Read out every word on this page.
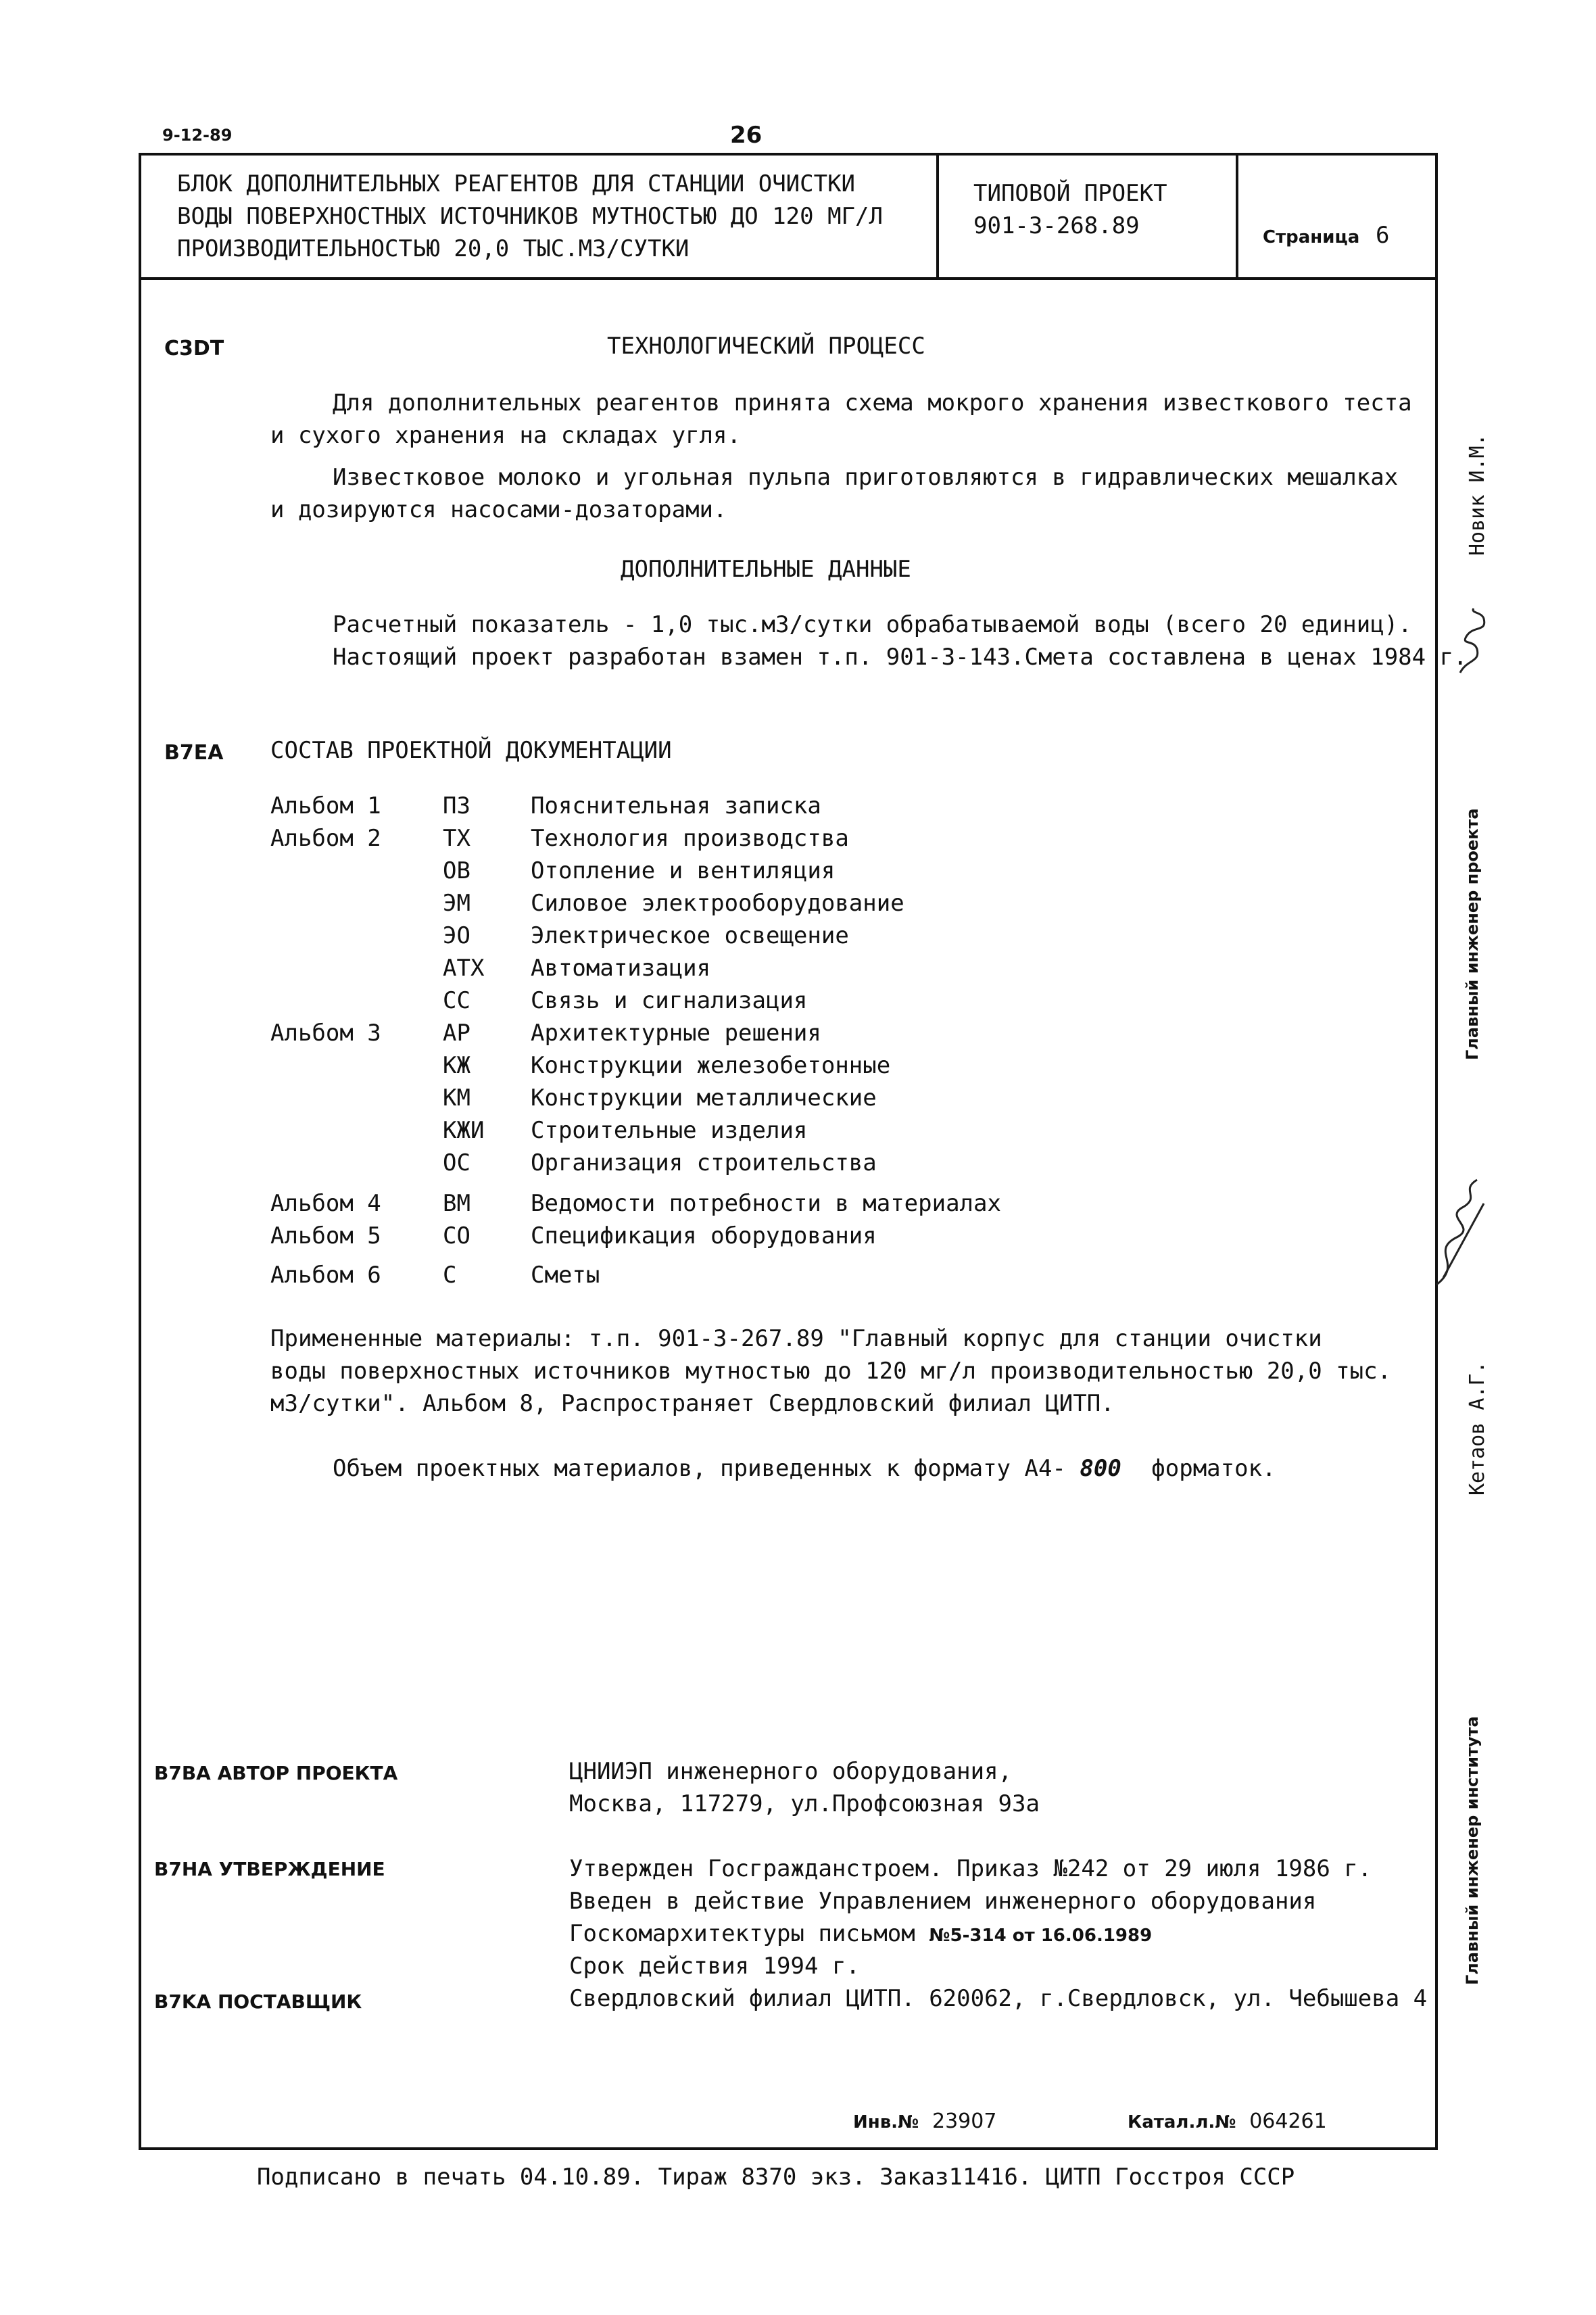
9-12-89	26
БЛОК ДОПОЛНИТЕЛЬНЫХ РЕАГЕНТОВ ДЛЯ СТАНЦИИ ОЧИСТКИ
ВОДЫ ПОВЕРХНОСТНЫХ ИСТОЧНИКОВ МУТНОСТЬЮ ДО 120 МГ/Л
ПРОИЗВОДИТЕЛЬНОСТЬЮ 20,0 ТЫС.М3/СУТКИ
ТИПОВОЙ ПРОЕКТ
901-3-268.89	Страница 6
C3DT	ТЕХНОЛОГИЧЕСКИЙ ПРОЦЕСС
Для дополнительных реагентов принята схема мокрого хранения известкового теста
и сухого хранения на складах угля.
Известковое молоко и угольная пульпа приготовляются в гидравлических мешалках
и дозируются насосами-дозаторами.
ДОПОЛНИТЕЛЬНЫЕ ДАННЫЕ
Расчетный показатель - 1,0 тыс.м3/сутки обрабатываемой воды (всего 20 единиц).
Настоящий проект разработан взамен т.п. 901-3-143.Смета составлена в ценах 1984 г.
B7EA СОСТАВ ПРОЕКТНОЙ ДОКУМЕНТАЦИИ
Альбом 1	ПЗ	Пояснительная записка
Альбом 2	ТХ	Технология производства
ОВ	Отопление и вентиляция
ЭМ	Силовое электрооборудование
ЭО	Электрическое освещение
АТХ	Автоматизация
СС	Связь и сигнализация
Альбом 3	АР	Архитектурные решения
КЖ	Конструкции железобетонные
КМ	Конструкции металлические
КЖИ	Строительные изделия
ОС	Организация строительства
Альбом 4	ВМ	Ведомости потребности в материалах
Альбом 5	СО	Спецификация оборудования
Альбом 6	С	Сметы
Примененные материалы: т.п. 901-3-267.89 "Главный корпус для станции очистки
воды поверхностных источников мутностью до 120 мг/л производительностью 20,0 тыс.
м3/сутки". Альбом 8, Распространяет Свердловский филиал ЦИТП.
Объем проектных материалов, приведенных к формату А4- 800 форматок.
B7BA АВТОР ПРОЕКТА	ЦНИИЭП инженерного оборудования,
Москва, 117279, ул.Профсоюзная 93а
B7HA УТВЕРЖДЕНИЕ	Утвержден Госгражданстроем. Приказ №242 от 29 июля 1986 г.
Введен в действие Управлением инженерного оборудования
Госкомархитектуры письмом №5-314 от 16.06.1989
Срок действия 1994 г.
B7KA ПОСТАВЩИК	Свердловский филиал ЦИТП. 620062, г.Свердловск, ул. Чебышева 4
Инв.№ 23907	Катал.л.№ 064261
Подписано в печать 04.10.89. Тираж 8370 экз. Заказ11416. ЦИТП Госстроя СССР
Новик И.М.
Главный инженер проекта
Кетаов А.Г.
Главный инженер института
